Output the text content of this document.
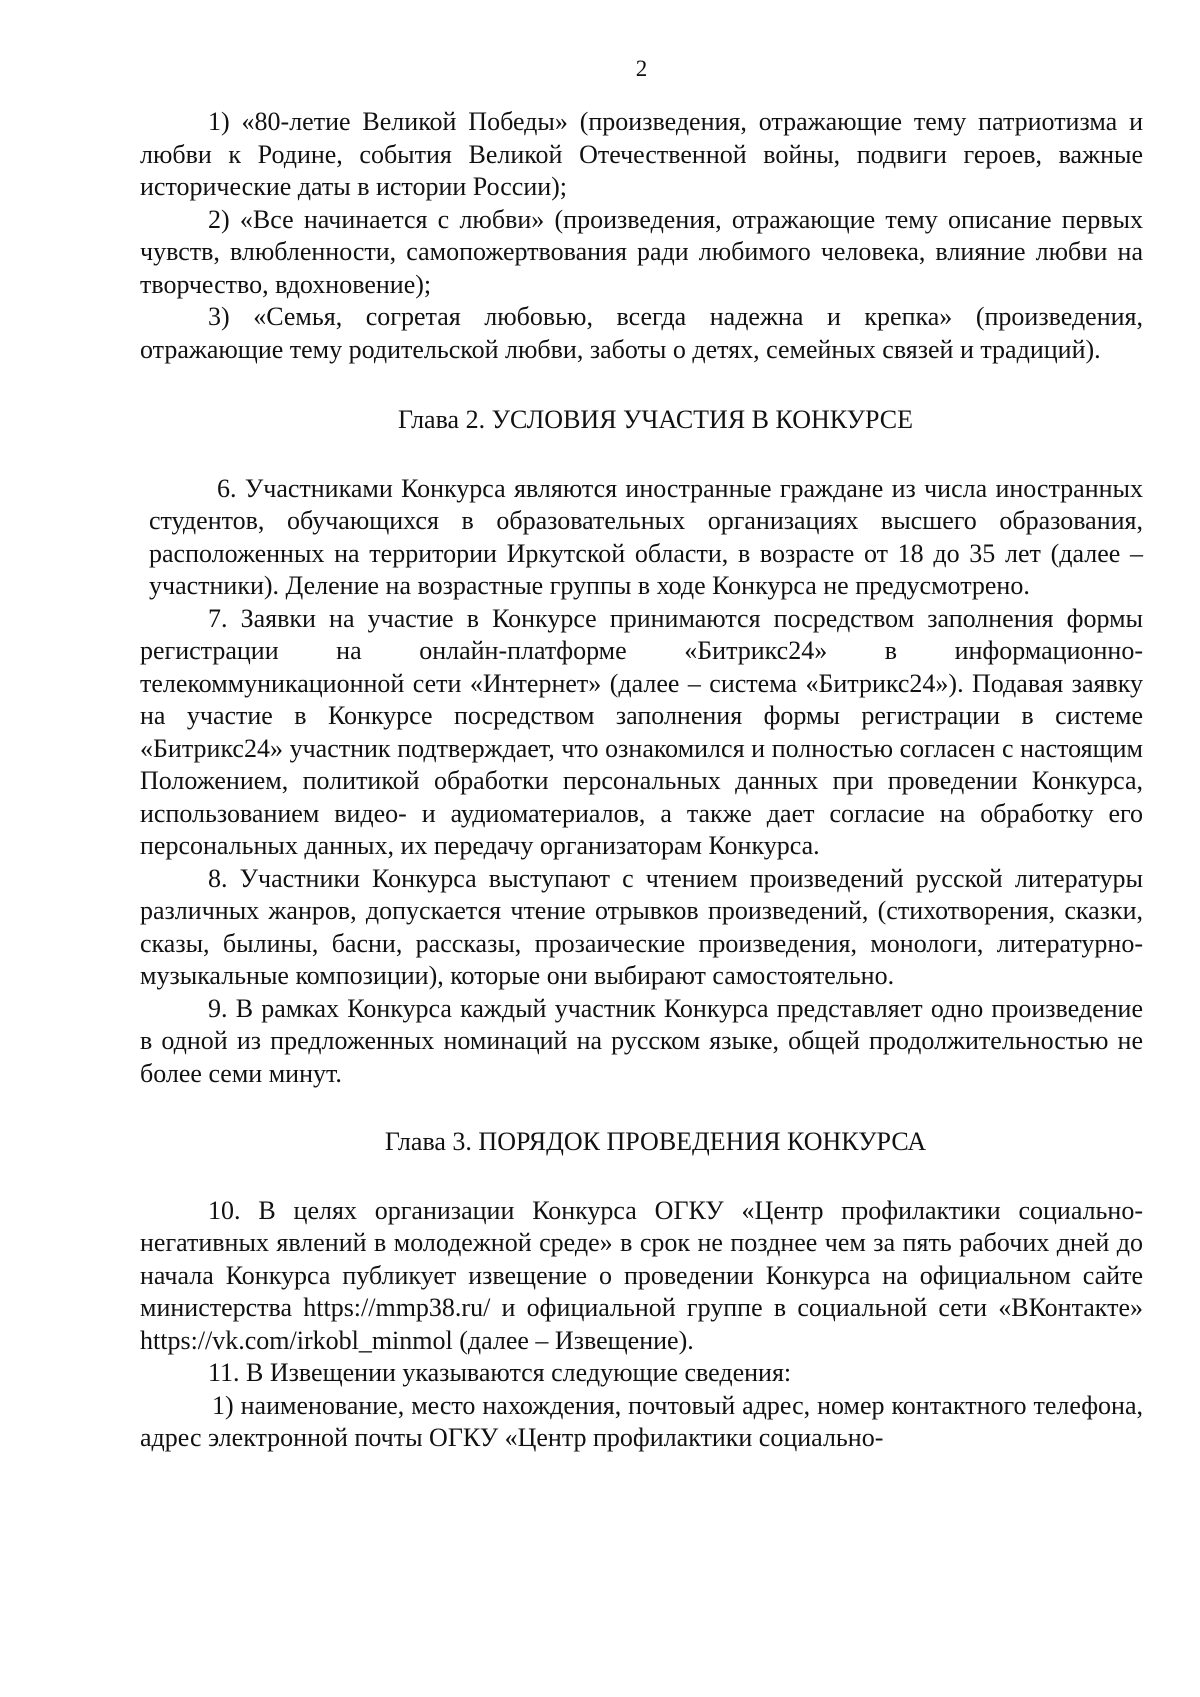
2

1) «80-летие Великой Победы» (произведения, отражающие тему патриотизма и любви к Родине, события Великой Отечественной войны, подвиги героев, важные исторические даты в истории России);

2) «Все начинается с любви» (произведения, отражающие тему описание первых чувств, влюбленности, самопожертвования ради любимого человека, влияние любви на творчество, вдохновение);

3) «Семья, согретая любовью, всегда надежна и крепка» (произведения, отражающие тему родительской любви, заботы о детях, семейных связей и традиций).

Глава 2. УСЛОВИЯ УЧАСТИЯ В КОНКУРСЕ

6. Участниками Конкурса являются иностранные граждане из числа иностранных студентов, обучающихся в образовательных организациях высшего образования, расположенных на территории Иркутской области, в возрасте от 18 до 35 лет (далее – участники). Деление на возрастные группы в ходе Конкурса не предусмотрено.

7. Заявки на участие в Конкурсе принимаются посредством заполнения формы регистрации на онлайн-платформе «Битрикс24» в информационно-телекоммуникационной сети «Интернет» (далее – система «Битрикс24»). Подавая заявку на участие в Конкурсе посредством заполнения формы регистрации в системе «Битрикс24» участник подтверждает, что ознакомился и полностью согласен с настоящим Положением, политикой обработки персональных данных при проведении Конкурса, использованием видео- и аудиоматериалов, а также дает согласие на обработку его персональных данных, их передачу организаторам Конкурса.

8. Участники Конкурса выступают с чтением произведений русской литературы различных жанров, допускается чтение отрывков произведений, (стихотворения, сказки, сказы, былины, басни, рассказы, прозаические произведения, монологи, литературно-музыкальные композиции), которые они выбирают самостоятельно.

9. В рамках Конкурса каждый участник Конкурса представляет одно произведение в одной из предложенных номинаций на русском языке, общей продолжительностью не более семи минут.

Глава 3. ПОРЯДОК ПРОВЕДЕНИЯ КОНКУРСА

10. В целях организации Конкурса ОГКУ «Центр профилактики социально-негативных явлений в молодежной среде» в срок не позднее чем за пять рабочих дней до начала Конкурса публикует извещение о проведении Конкурса на официальном сайте министерства https://mmp38.ru/ и официальной группе в социальной сети «ВКонтакте» https://vk.com/irkobl_minmol (далее – Извещение).

11. В Извещении указываются следующие сведения:

1) наименование, место нахождения, почтовый адрес, номер контактного телефона, адрес электронной почты ОГКУ «Центр профилактики социально-
